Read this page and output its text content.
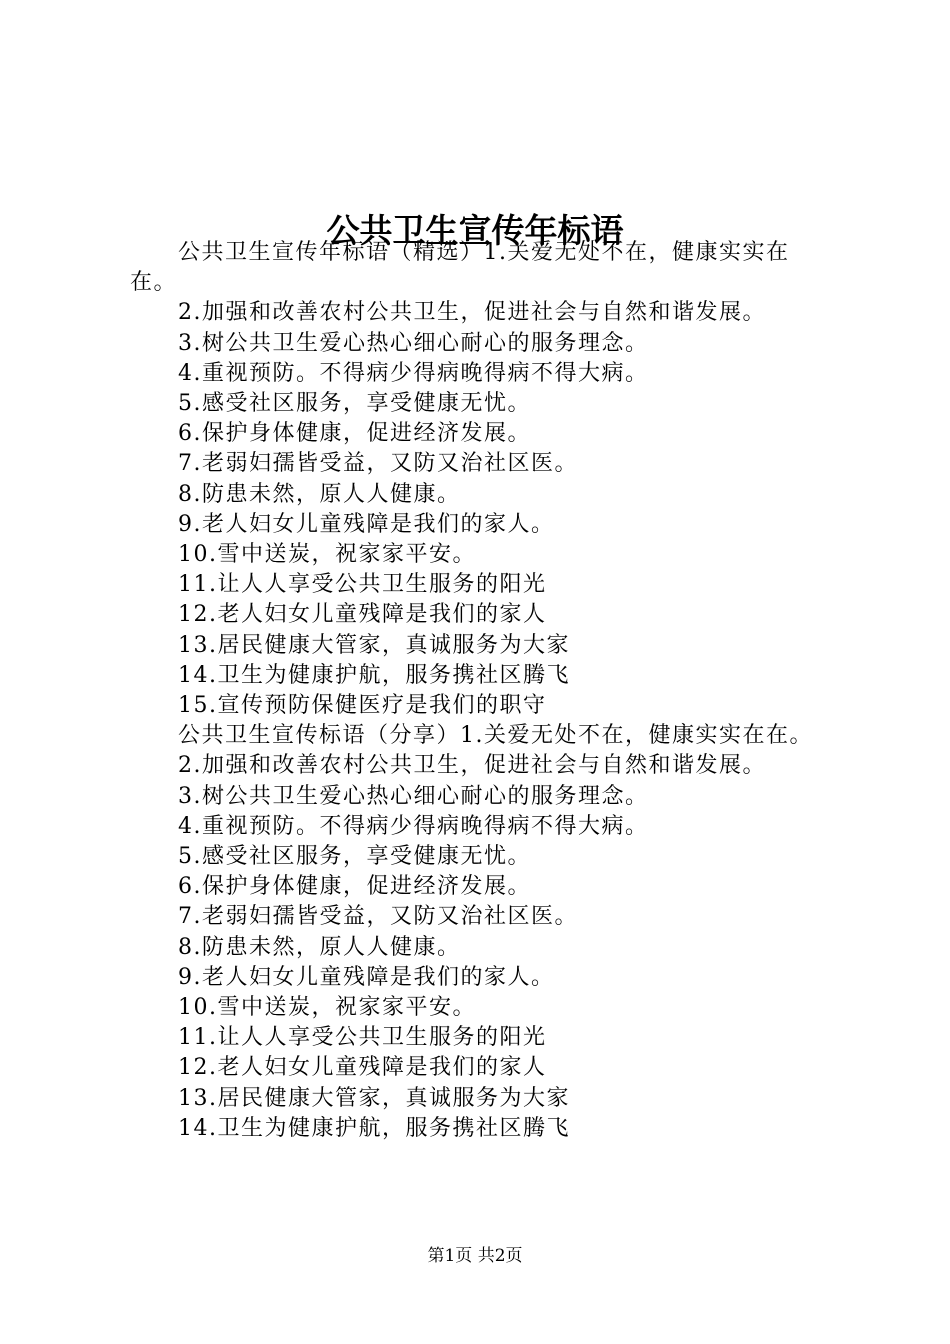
公共卫生宣传年标语

公共卫生宣传年标语（精选）1.关爱无处不在，健康实实在在。

2.加强和改善农村公共卫生，促进社会与自然和谐发展。

3.树公共卫生爱心热心细心耐心的服务理念。

4.重视预防。不得病少得病晚得病不得大病。

5.感受社区服务，享受健康无忧。

6.保护身体健康，促进经济发展。

7.老弱妇孺皆受益，又防又治社区医。

8.防患未然，原人人健康。

9.老人妇女儿童残障是我们的家人。

10.雪中送炭，祝家家平安。

11.让人人享受公共卫生服务的阳光

12.老人妇女儿童残障是我们的家人

13.居民健康大管家，真诚服务为大家

14.卫生为健康护航，服务携社区腾飞

15.宣传预防保健医疗是我们的职守

公共卫生宣传标语（分享）1.关爱无处不在，健康实实在在。

2.加强和改善农村公共卫生，促进社会与自然和谐发展。

3.树公共卫生爱心热心细心耐心的服务理念。

4.重视预防。不得病少得病晚得病不得大病。

5.感受社区服务，享受健康无忧。

6.保护身体健康，促进经济发展。

7.老弱妇孺皆受益，又防又治社区医。

8.防患未然，原人人健康。

9.老人妇女儿童残障是我们的家人。

10.雪中送炭，祝家家平安。

11.让人人享受公共卫生服务的阳光

12.老人妇女儿童残障是我们的家人

13.居民健康大管家，真诚服务为大家

14.卫生为健康护航，服务携社区腾飞

第1页 共2页
